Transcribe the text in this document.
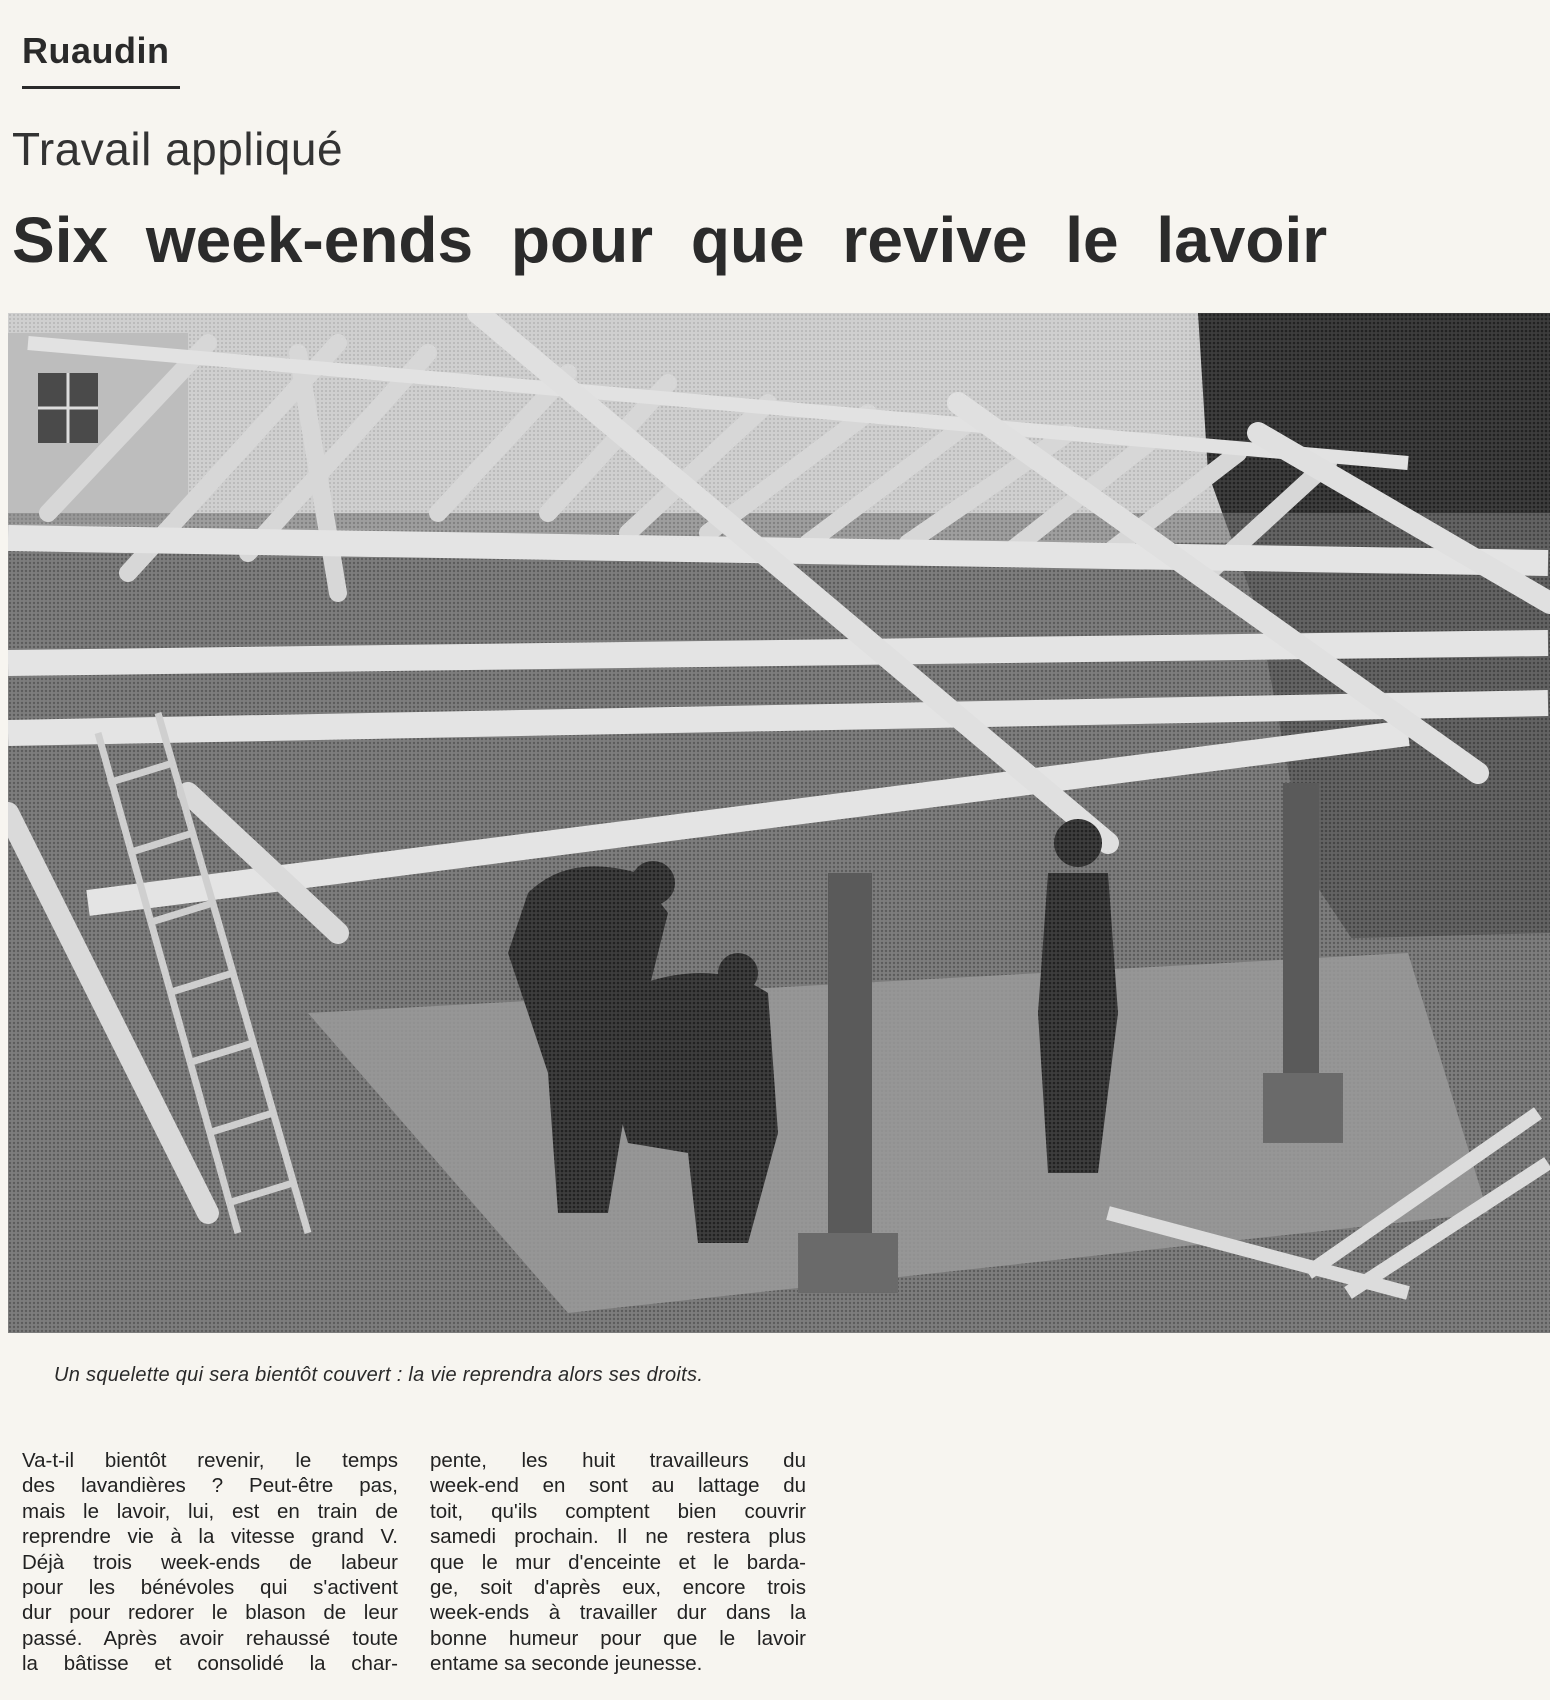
Ruaudin
Travail appliqué
Six week-ends pour que revive le lavoir
Un squelette qui sera bientôt couvert : la vie reprendra alors ses droits.
Va-t-il bientôt revenir, le temps
des lavandières ? Peut-être pas,
mais le lavoir, lui, est en train de
reprendre vie à la vitesse grand V.
Déjà trois week-ends de labeur
pour les bénévoles qui s'activent
dur pour redorer le blason de leur
passé. Après avoir rehaussé toute
la bâtisse et consolidé la char-
pente, les huit travailleurs du
week-end en sont au lattage du
toit, qu'ils comptent bien couvrir
samedi prochain. Il ne restera plus
que le mur d'enceinte et le barda-
ge, soit d'après eux, encore trois
week-ends à travailler dur dans la
bonne humeur pour que le lavoir
entame sa seconde jeunesse.
